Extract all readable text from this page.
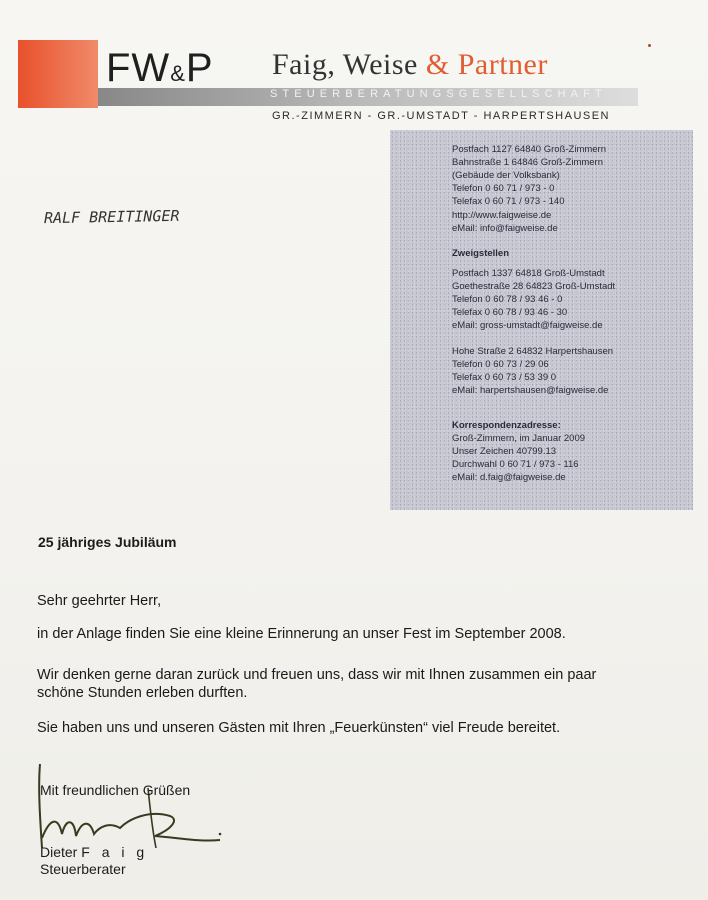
FW&P Faig, Weise & Partner
STEUERBERATUNGSGESELLSCHAFT
GR.-ZIMMERN - GR.-UMSTADT - HARPERTSHAUSEN
RALF BREITINGER
Postfach 1127 64840 Groß-Zimmern
Bahnstraße 1 64846 Groß-Zimmern
(Gebäude der Volksbank)
Telefon 0 60 71 / 973 - 0
Telefax 0 60 71 / 973 - 140
http://www.faigweise.de
eMail: info@faigweise.de
Zweigstellen
Postfach 1337 64818 Groß-Umstadt
Goethestraße 28 64823 Groß-Umstadt
Telefon 0 60 78 / 93 46 - 0
Telefax 0 60 78 / 93 46 - 30
eMail: gross-umstadt@faigweise.de
Hohe Straße 2 64832 Harpertshausen
Telefon 0 60 73 / 29 06
Telefax 0 60 73 / 53 39 0
eMail: harpertshausen@faigweise.de
Korrespondenzadresse:
Groß-Zimmern, im Januar 2009
Unser Zeichen 40799.13
Durchwahl 0 60 71 / 973 - 116
eMail: d.faig@faigweise.de
25 jähriges Jubiläum
Sehr geehrter Herr,
in der Anlage finden Sie eine kleine Erinnerung an unser Fest im September 2008.
Wir denken gerne daran zurück und freuen uns, dass wir mit Ihnen zusammen ein paar
schöne Stunden erleben durften.
Sie haben uns und unseren Gästen mit Ihren „Feuerkünsten“ viel Freude bereitet.
Mit freundlichen Grüßen
Dieter F a i g
Steuerberater
